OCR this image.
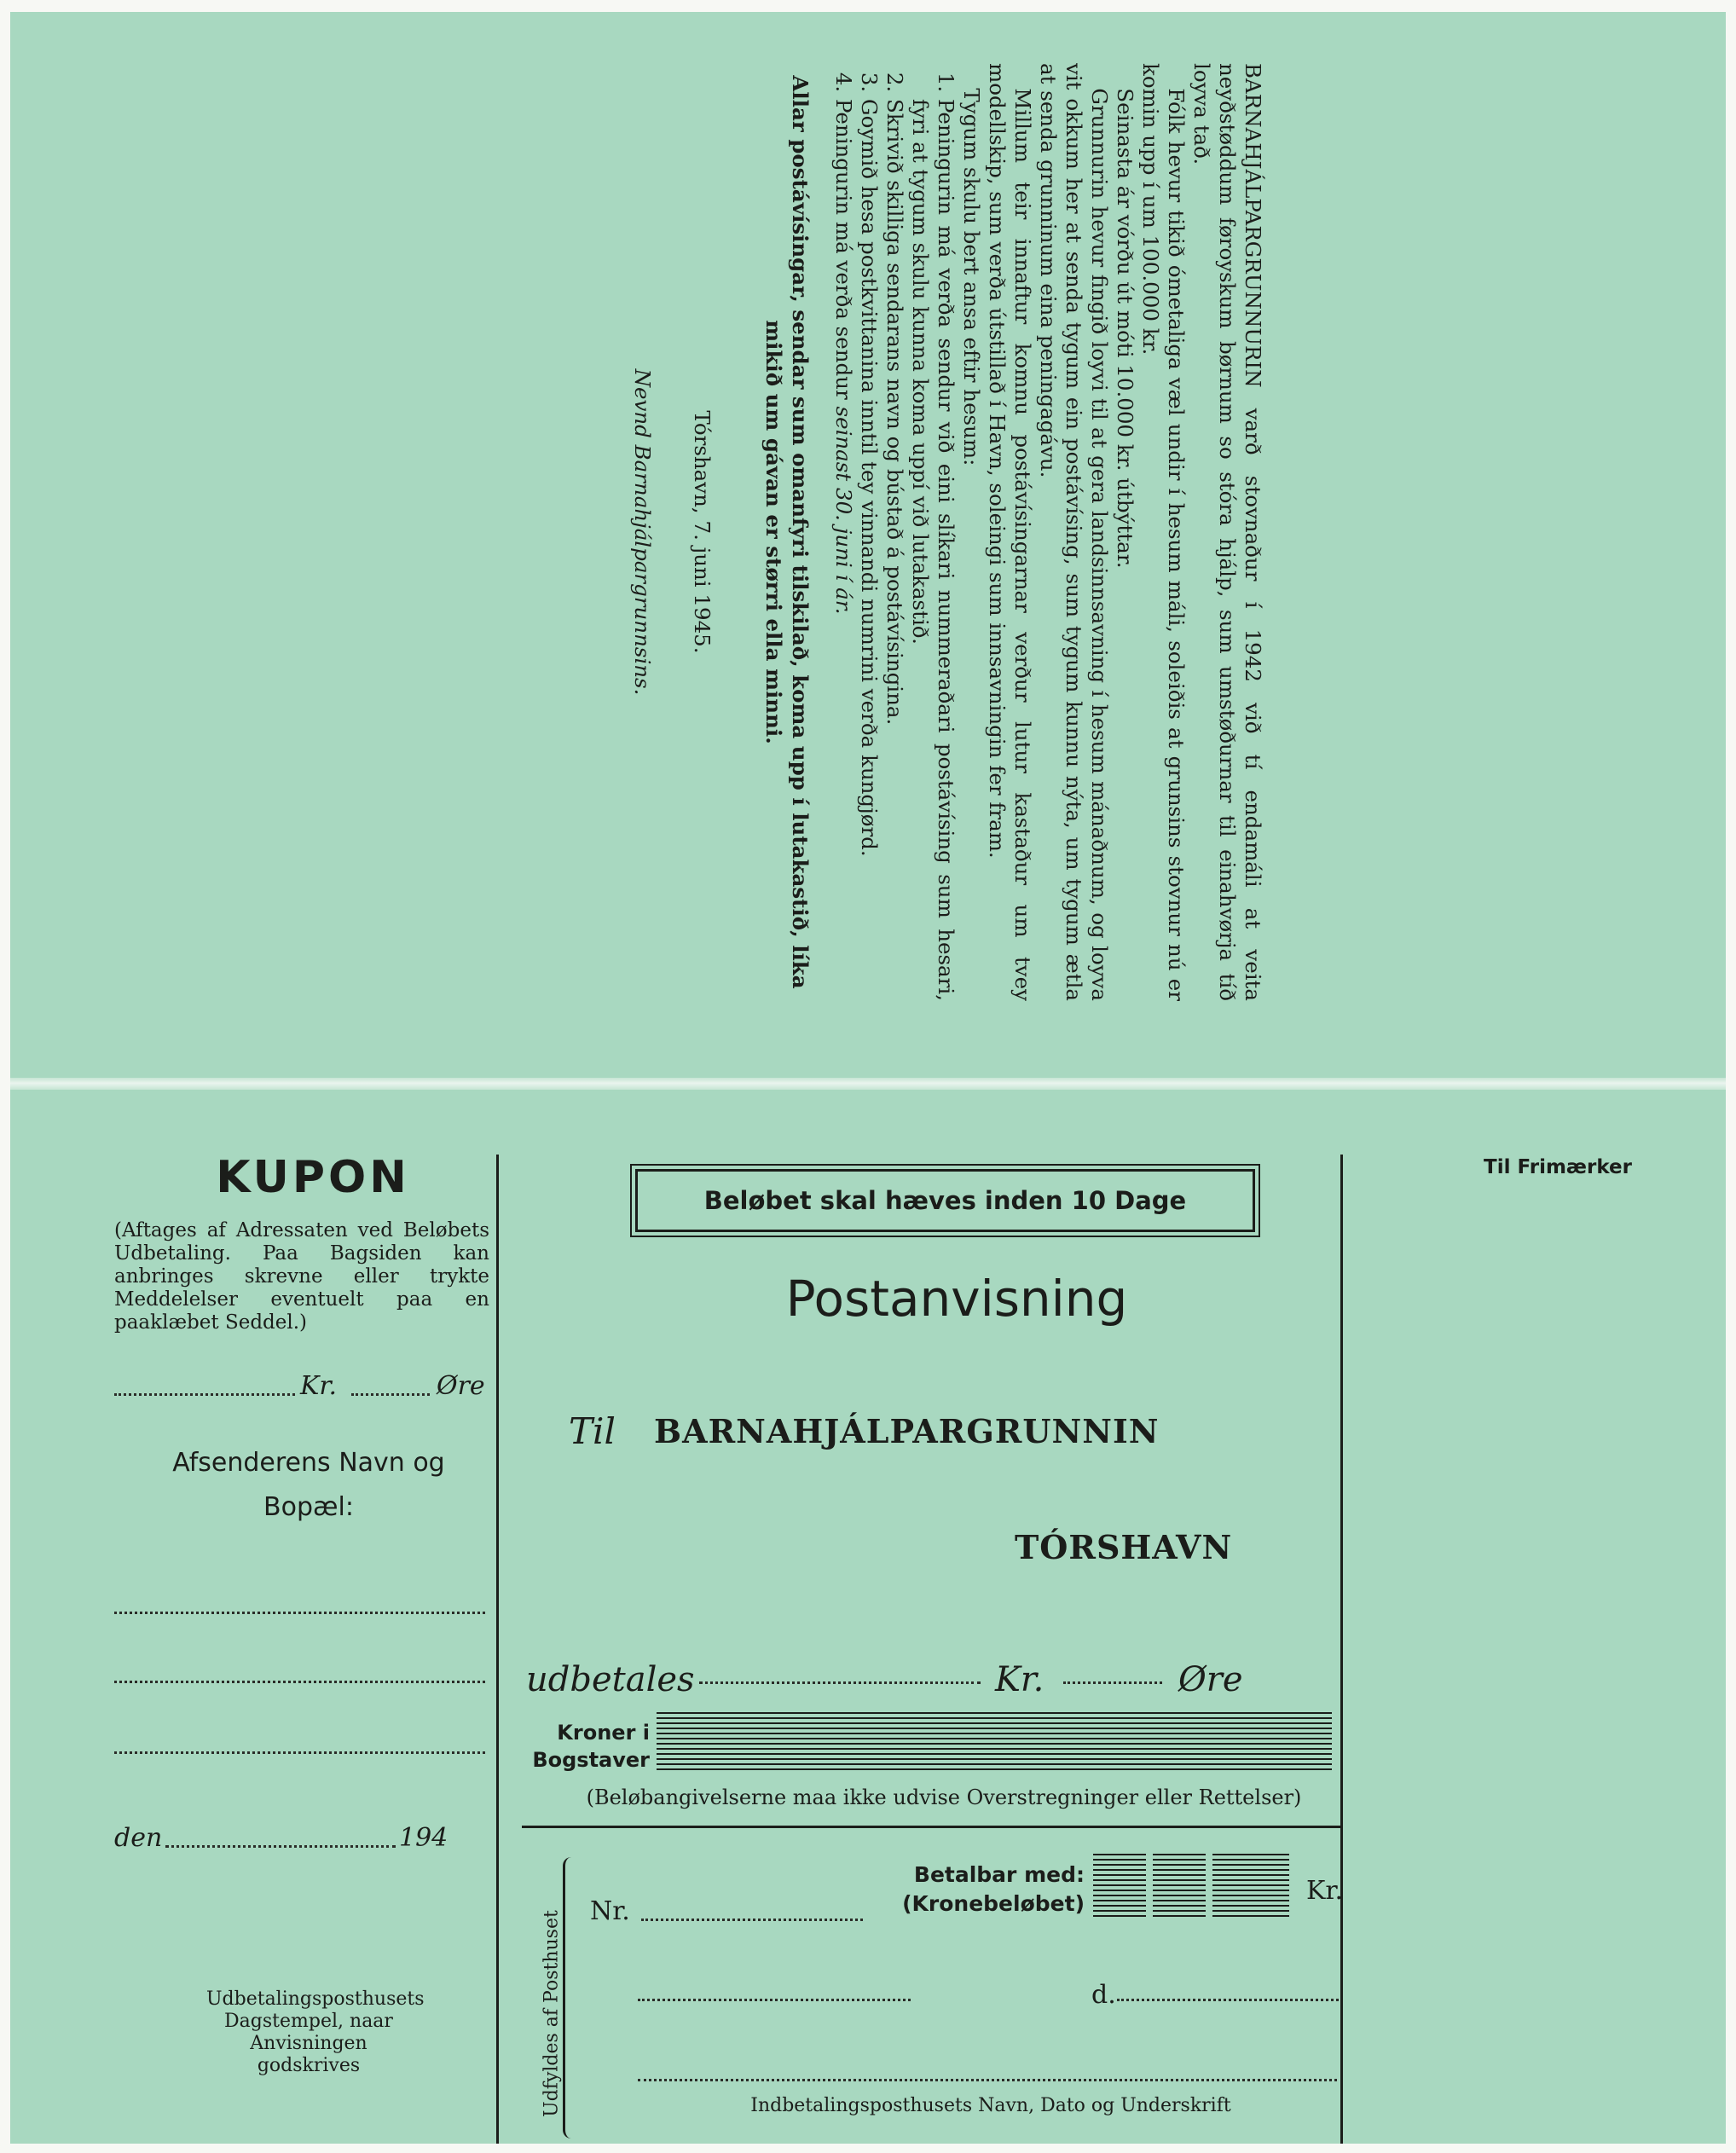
BARNAHJÁLPARGRUNNURIN varð stovnaður í 1942 við tí endamáli at veita neyðstøddum føroyskum børnum so stóra hjálp, sum umstøðurnar til einahvørja tíð loyva tað.

Fólk hevur tikið ómetaliga væl undir í hesum máli, soleiðis at grunsins stovnur nú er komin upp í um 100.000 kr.

Seinasta ár vórðu út móti 10.000 kr. útbýttar.

Grunnurin hevur fingið loyvi til at gera landsinnsavning í hesum mánaðnum, og loyva vit okkum her at senda tygum ein postávísing, sum tygum kunnu nýta, um tygum ætla at senda grunninum eina peningagávu.

Millum teir innaftur komnu postávísingarnar verður lutur kastaður um tvey modellskip, sum verða útstillað í Havn, soleingi sum innsavningin fer fram.

Tygum skulu bert ansa eftir hesum:

1. Peningurin má verða sendur við eini slíkari nummeraðari postávísing sum hesari, fyri at tygum skulu kunna koma uppí við lutakastið.
2. Skrivið skilliga sendarans navn og bústað á postávísingina.
3. Goymið hesa postkvittanina inntil tey vinnandi numrini verða kungjørd.
4. Peningurin má verða sendur seinast 30. juni í ár.
Allar postávísingar, sendar sum omanfyri tilskilað, koma upp í lutakastið, líka mikið um gávan er størri ella minni.
Tórshavn, 7. juni 1945.
Nevnd Barnahjálpargrunnsins.
KUPON
(Aftages af Adressaten ved Beløbets Udbetaling. Paa Bagsiden kan anbringes skrevne eller trykte Meddelelser eventuelt paa en paaklæbet Seddel.)
Kr.	Øre
Afsenderens Navn og
Bopæl:
den	194
Udbetalingsposthusets Dagstempel, naar Anvisningen godskrives
Beløbet skal hæves inden 10 Dage
Postanvisning
Til BARNAHJÁLPARGRUNNIN
TÓRSHAVN
udbetales	Kr.	Øre
Kroner i
Bogstaver
(Beløbangivelserne maa ikke udvise Overstregninger eller Rettelser)
Udfyldes af Posthuset
Betalbar med:
(Kronebeløbet)	Kr.
Nr.
d.
Indbetalingsposthusets Navn, Dato og Underskrift
Til Frimærker
